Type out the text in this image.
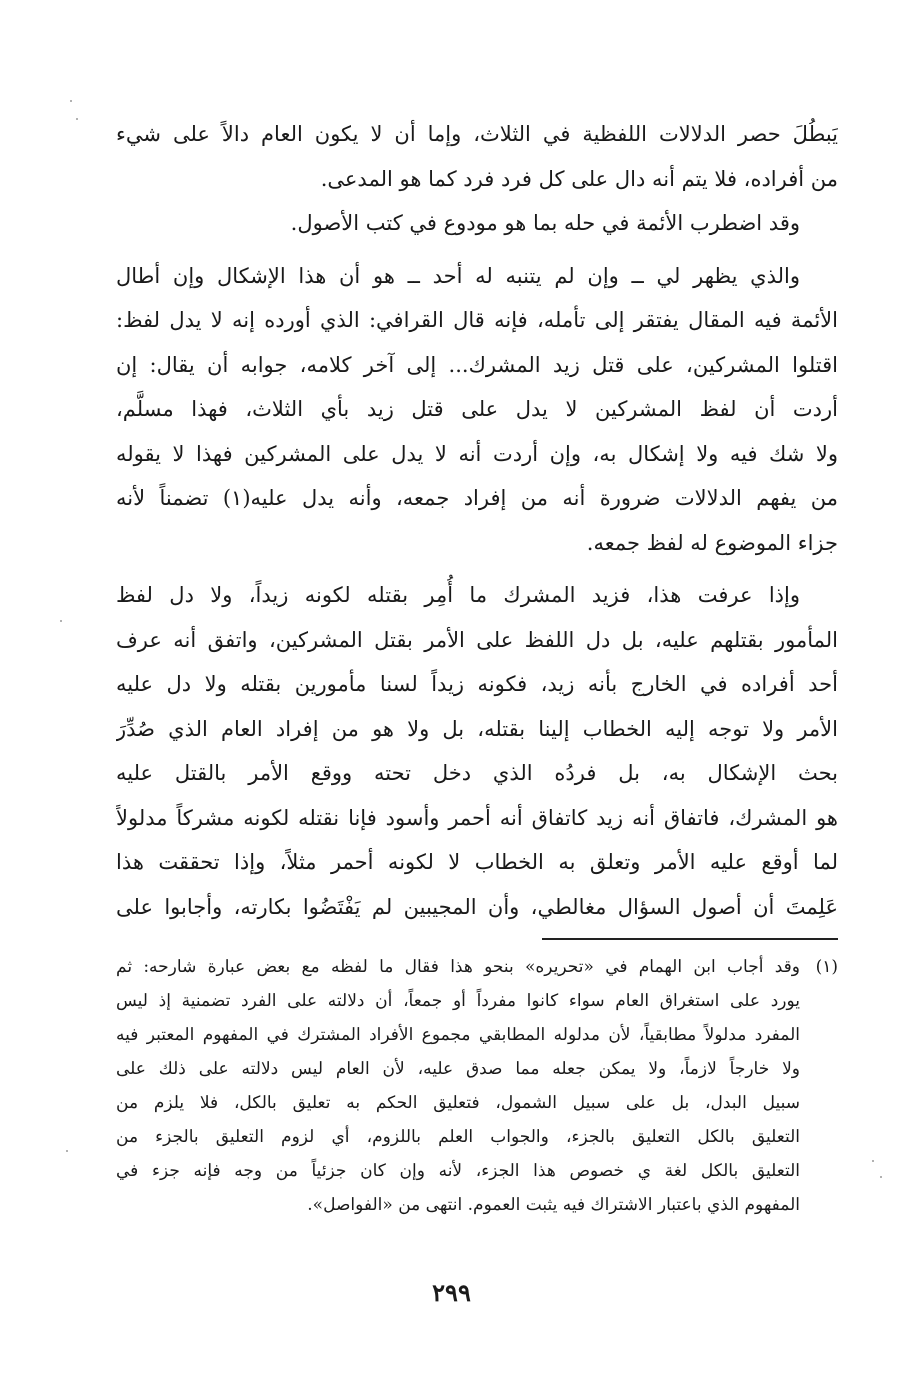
يَبطُلَ حصر الدلالات اللفظية في الثلاث، وإما أن لا يكون العام دالاً على شيء
من أفراده، فلا يتم أنه دال على كل فرد فرد كما هو المدعى.
وقد اضطرب الأئمة في حله بما هو مودوع في كتب الأصول.
والذي يظهر لي ــ وإن لم يتنبه له أحد ــ هو أن هذا الإشكال وإن أطال
الأئمة فيه المقال يفتقر إلى تأمله، فإنه قال القرافي: الذي أورده إنه لا يدل لفظ:
اقتلوا المشركين، على قتل زيد المشرك... إلى آخر كلامه، جوابه أن يقال: إن
أردت أن لفظ المشركين لا يدل على قتل زيد بأي الثلاث، فهذا مسلَّم،
ولا شك فيه ولا إشكال به، وإن أردت أنه لا يدل على المشركين فهذا لا يقوله
من يفهم الدلالات ضرورة أنه من إفراد جمعه، وأنه يدل عليه(١) تضمناً لأنه
جزاء الموضوع له لفظ جمعه.
وإذا عرفت هذا، فزيد المشرك ما أُمِر بقتله لكونه زيداً، ولا دل لفظ
المأمور بقتلهم عليه، بل دل اللفظ على الأمر بقتل المشركين، واتفق أنه عرف
أحد أفراده في الخارج بأنه زيد، فكونه زيداً لسنا مأمورين بقتله ولا دل عليه
الأمر ولا توجه إليه الخطاب إلينا بقتله، بل ولا هو من إفراد العام الذي صُدِّرَ
بحث الإشكال به، بل فردُه الذي دخل تحته ووقع الأمر بالقتل عليه
هو المشرك، فاتفاق أنه زيد كاتفاق أنه أحمر وأسود فإنا نقتله لكونه مشركاً مدلولاً
لما أوقع عليه الأمر وتعلق به الخطاب لا لكونه أحمر مثلاً، وإذا تحققت هذا
عَلِمتَ أن أصول السؤال مغالطي، وأن المجيبين لم يَفْتَضُوا بكارته، وأجابوا على
(١)
وقد أجاب ابن الهمام في «تحريره» بنحو هذا فقال ما لفظه مع بعض عبارة شارحه: ثم
يورد على استغراق العام سواء كانوا مفرداً أو جمعاً، أن دلالته على الفرد تضمنية إذ ليس
المفرد مدلولاً مطابقياً، لأن مدلوله المطابقي مجموع الأفراد المشترك في المفهوم المعتبر فيه
ولا خارجاً لازماً، ولا يمكن جعله مما صدق عليه، لأن العام ليس دلالته على ذلك على
سبيل البدل، بل على سبيل الشمول، فتعليق الحكم به تعليق بالكل، فلا يلزم من
التعليق بالكل التعليق بالجزء، والجواب العلم باللزوم، أي لزوم التعليق بالجزء من
التعليق بالكل لغة ي خصوص هذا الجزء، لأنه وإن كان جزئياً من وجه فإنه جزء في
المفهوم الذي باعتبار الاشتراك فيه يثبت العموم. انتهى من «الفواصل».
٢٩٩
